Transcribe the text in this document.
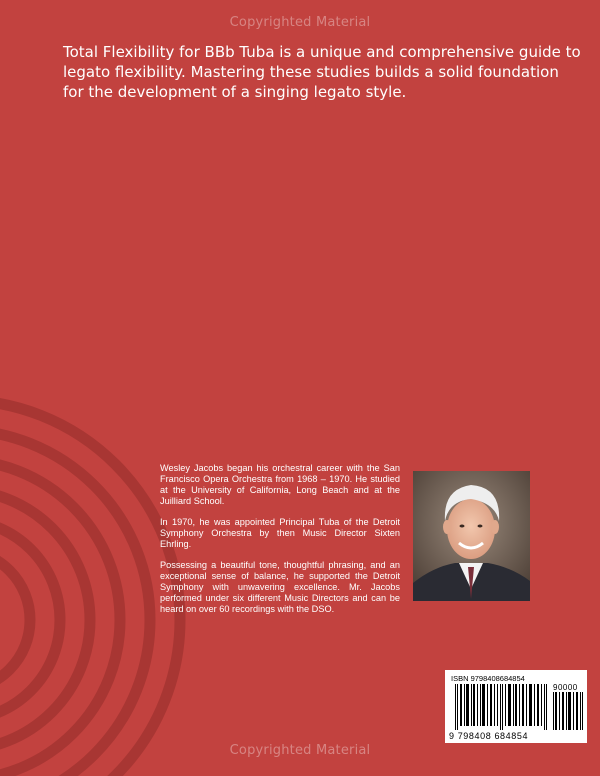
Copyrighted Material

Total Flexibility for BBb Tuba is a unique and comprehensive guide to legato flexibility. Mastering these studies builds a solid foundation for the development of a singing legato style.

Wesley Jacobs began his orchestral career with the San Francisco Opera Orchestra from 1968 – 1970. He studied at the University of California, Long Beach and at the Juilliard School.

In 1970, he was appointed Principal Tuba of the Detroit Symphony Orchestra by then Music Director Sixten Ehrling.

Possessing a beautiful tone, thoughtful phrasing, and an exceptional sense of balance, he supported the Detroit Symphony with unwavering excellence. Mr. Jacobs performed under six different Music Directors and can be heard on over 60 recordings with the DSO.

ISBN 9798408684854
90000
9 798408 684854
Copyrighted Material
